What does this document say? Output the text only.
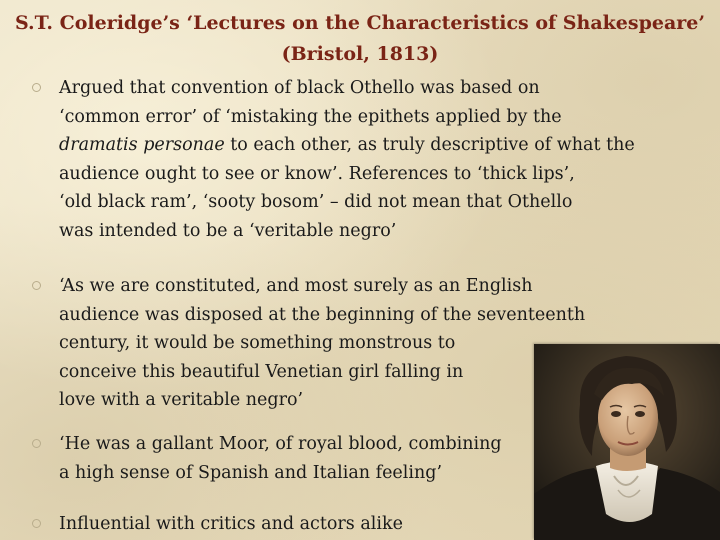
S.T. Coleridge’s ‘Lectures on the Characteristics of Shakespeare’
(Bristol, 1813)
Argued that convention of black Othello was based on
‘common error’ of ‘mistaking the epithets applied by the
dramatis personae to each other, as truly descriptive of what the
audience ought to see or know’. References to ‘thick lips’,
‘old black ram’, ‘sooty bosom’ – did not mean that Othello
was intended to be a ‘veritable negro’
‘As we are constituted, and most surely as an English
audience was disposed at the beginning of the seventeenth
century, it would be something monstrous to
conceive this beautiful Venetian girl falling in
love with a veritable negro’
‘He was a gallant Moor, of royal blood, combining
a high sense of Spanish and Italian feeling’
Influential with critics and actors alike
